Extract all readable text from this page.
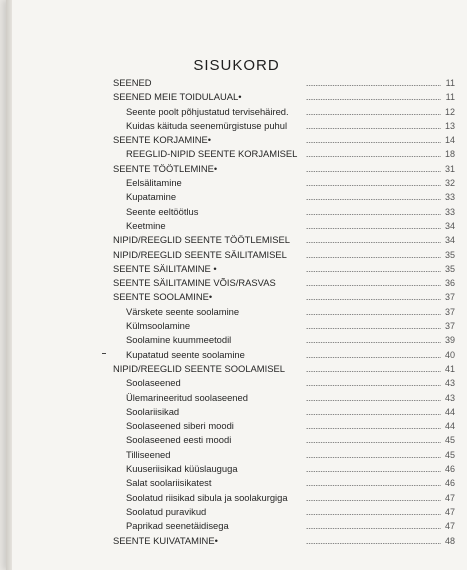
SISUKORD
SEENED	11
SEENED MEIE TOIDULAUAL•	11
Seente poolt põhjustatud tervisehäired.	12
Kuidas käituda seenemürgistuse puhul	13
SEENTE KORJAMINE•	14
REEGLID-NIPID SEENTE KORJAMISEL	18
SEENTE TÖÖTLEMINE•	31
Eelsälitamine	32
Kupatamine	33
Seente eeltöötlus	33
Keetmine	34
NIPID/REEGLID SEENTE TÖÖTLEMISEL	34
NIPID/REEGLID SEENTE SÄILITAMISEL	35
SEENTE SÄILITAMINE •	35
SEENTE SÄILITAMINE VÕIS/RASVAS	36
SEENTE SOOLAMINE•	37
Värskete seente soolamine	37
Külmsoolamine	37
Soolamine kuummeetodil	39
Kupatatud seente soolamine	40
NIPID/REEGLID SEENTE SOOLAMISEL	41
Soolaseened	43
Ülemarineeritud soolaseened	43
Soolariisikad	44
Soolaseened siberi moodi	44
Soolaseened eesti moodi	45
Tilliseened	45
Kuuseriisikad küüslauguga	46
Salat soolariisikatest	46
Soolatud riisikad sibula ja soolakurgiga	47
Soolatud puravikud	47
Paprikad seenetäidisega	47
SEENTE KUIVATAMINE•	48
